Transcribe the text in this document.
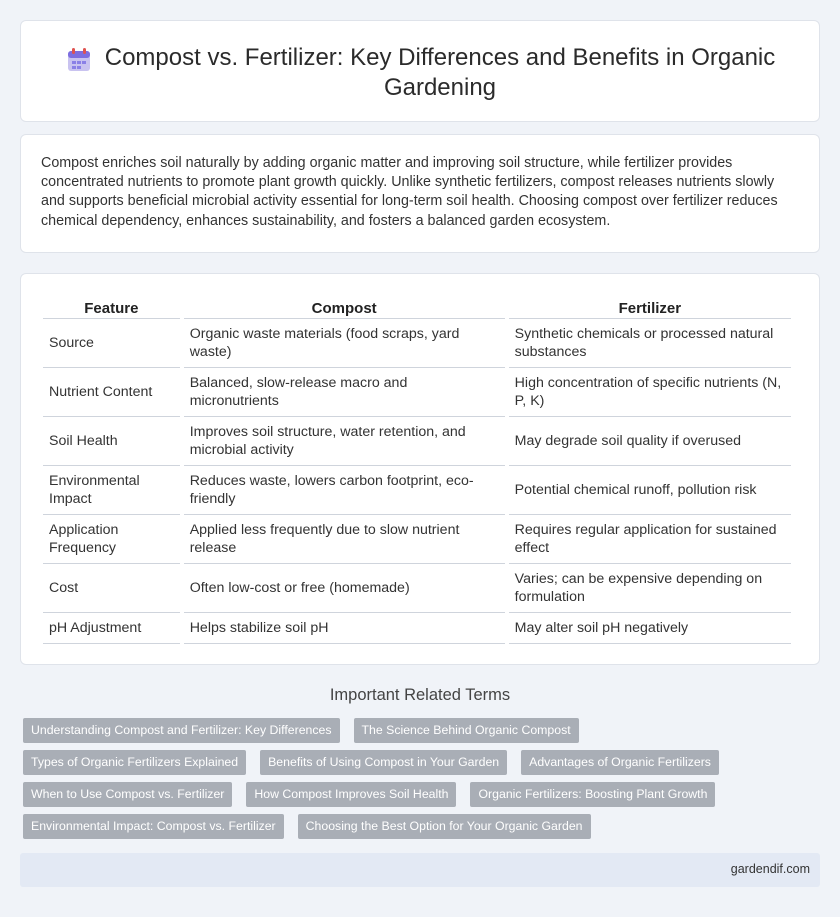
Compost vs. Fertilizer: Key Differences and Benefits in Organic Gardening

Compost enriches soil naturally by adding organic matter and improving soil structure, while fertilizer provides concentrated nutrients to promote plant growth quickly. Unlike synthetic fertilizers, compost releases nutrients slowly and supports beneficial microbial activity essential for long-term soil health. Choosing compost over fertilizer reduces chemical dependency, enhances sustainability, and fosters a balanced garden ecosystem.

Feature	Compost	Fertilizer
Source	Organic waste materials (food scraps, yard waste)	Synthetic chemicals or processed natural substances
Nutrient Content	Balanced, slow-release macro and micronutrients	High concentration of specific nutrients (N, P, K)
Soil Health	Improves soil structure, water retention, and microbial activity	May degrade soil quality if overused
Environmental Impact	Reduces waste, lowers carbon footprint, eco-friendly	Potential chemical runoff, pollution risk
Application Frequency	Applied less frequently due to slow nutrient release	Requires regular application for sustained effect
Cost	Often low-cost or free (homemade)	Varies; can be expensive depending on formulation
pH Adjustment	Helps stabilize soil pH	May alter soil pH negatively
Important Related Terms
Understanding Compost and Fertilizer: Key Differences	The Science Behind Organic Compost
Types of Organic Fertilizers Explained	Benefits of Using Compost in Your Garden	Advantages of Organic Fertilizers
When to Use Compost vs. Fertilizer	How Compost Improves Soil Health	Organic Fertilizers: Boosting Plant Growth
Environmental Impact: Compost vs. Fertilizer	Choosing the Best Option for Your Organic Garden
gardendif.com
